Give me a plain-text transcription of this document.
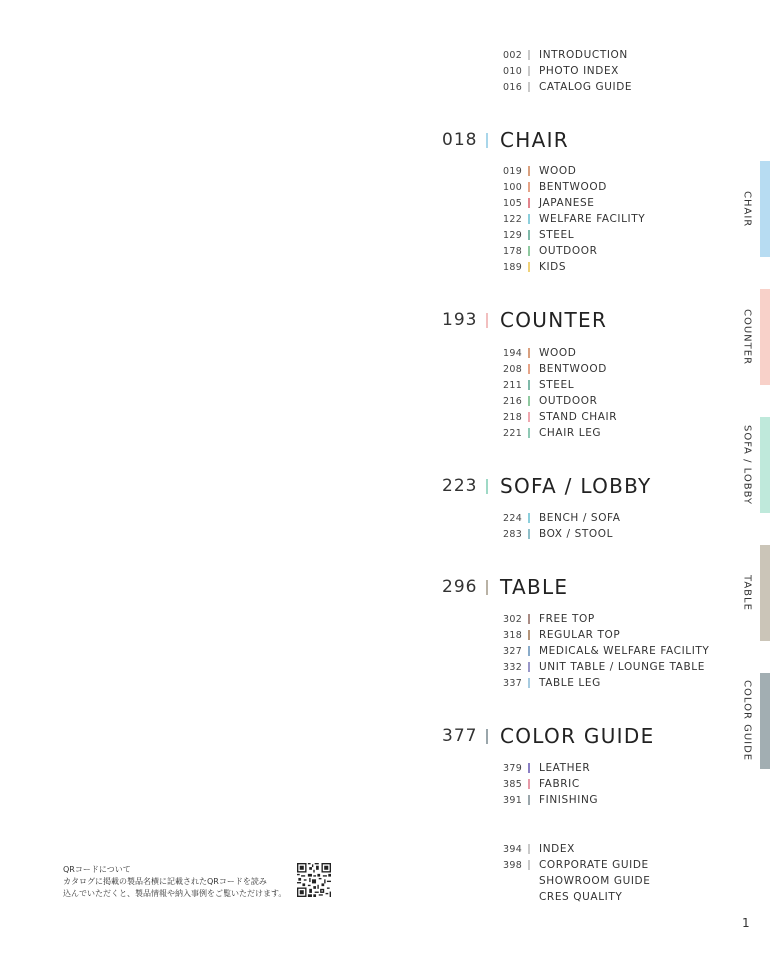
002 INTRODUCTION
010 PHOTO INDEX
016 CATALOG GUIDE
018 CHAIR
019 WOOD
100 BENTWOOD
105 JAPANESE
122 WELFARE FACILITY
129 STEEL
178 OUTDOOR
189 KIDS
193 COUNTER
194 WOOD
208 BENTWOOD
211 STEEL
216 OUTDOOR
218 STAND CHAIR
221 CHAIR LEG
223 SOFA / LOBBY
224 BENCH / SOFA
283 BOX / STOOL
296 TABLE
302 FREE TOP
318 REGULAR TOP
327 MEDICAL& WELFARE FACILITY
332 UNIT TABLE / LOUNGE TABLE
337 TABLE LEG
377 COLOR GUIDE
379 LEATHER
385 FABRIC
391 FINISHING
394 INDEX
398 CORPORATE GUIDE
SHOWROOM GUIDE
CRES QUALITY
CHAIR
COUNTER
SOFA / LOBBY
TABLE
COLOR GUIDE
QRコードについて
カタログに掲載の製品名横に記載されたQRコードを読み
込んでいただくと、製品情報や納入事例をご覧いただけます。
1
